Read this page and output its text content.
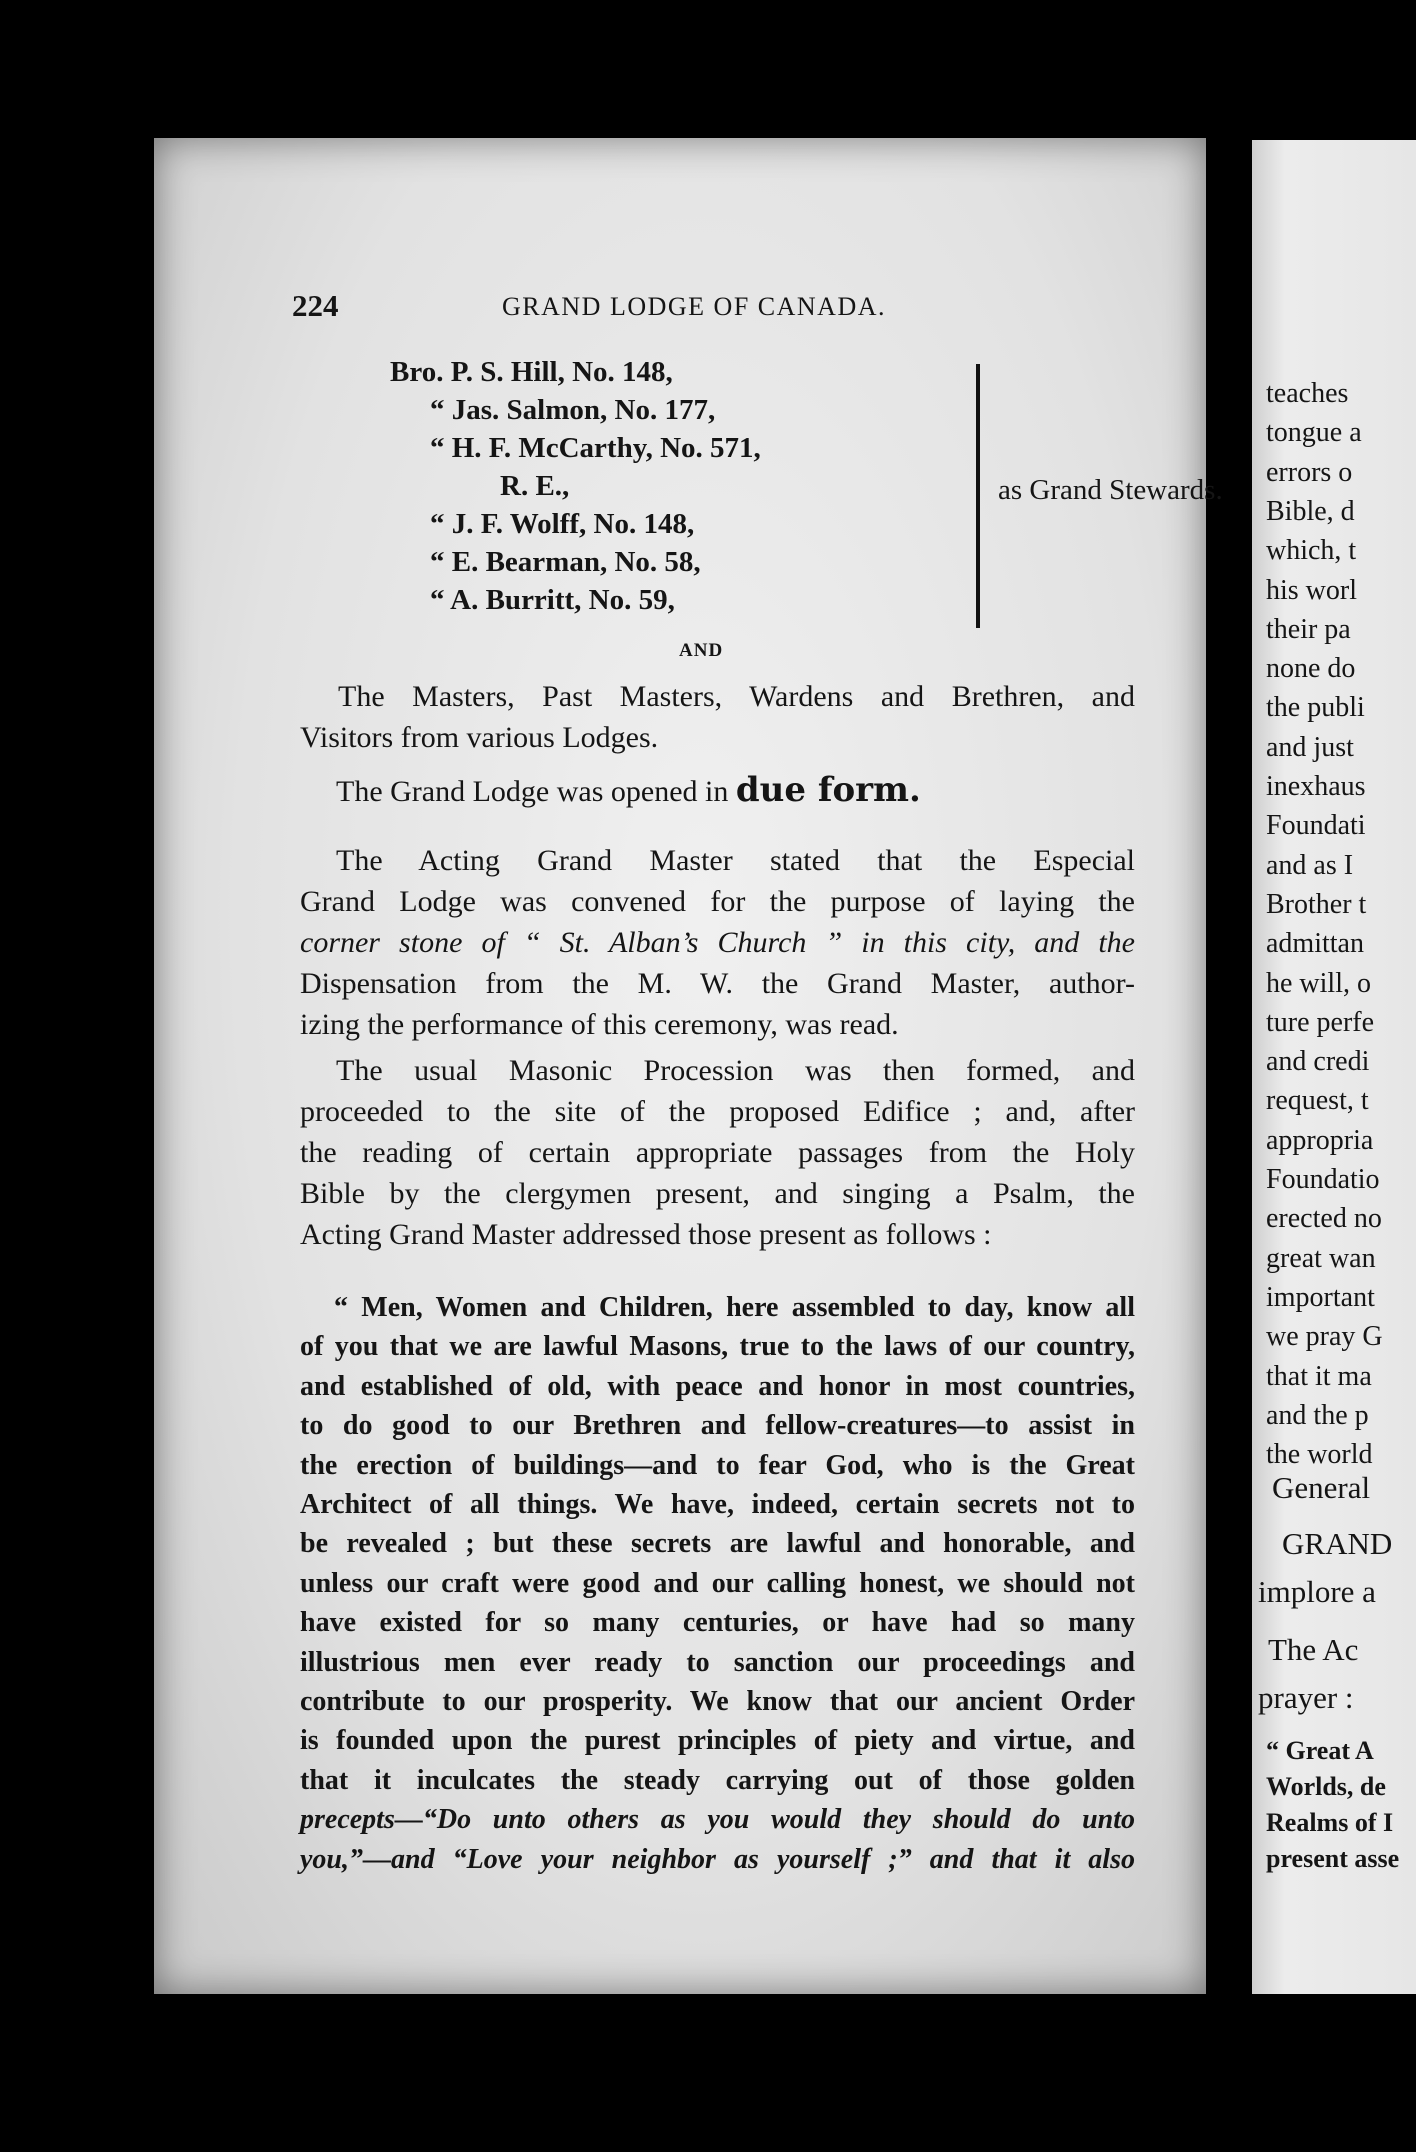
224	GRAND LODGE OF CANADA.
Bro. P. S. Hill, No. 148,
“ Jas. Salmon, No. 177,
“ H. F. McCarthy, No. 571,
R. E.,
“ J. F. Wolff, No. 148,
“ E. Bearman, No. 58,
“ A. Burritt, No. 59,
as Grand Stewards.
AND
The Masters, Past Masters, Wardens and Brethren, and
Visitors from various Lodges.
The Grand Lodge was opened in due form.
The Acting Grand Master stated that the Especial
Grand Lodge was convened for the purpose of laying the
corner stone of “ St. Alban’s Church ” in this city, and the
Dispensation from the M. W. the Grand Master, author-
izing the performance of this ceremony, was read.
The usual Masonic Procession was then formed, and
proceeded to the site of the proposed Edifice ; and, after
the reading of certain appropriate passages from the Holy
Bible by the clergymen present, and singing a Psalm, the
Acting Grand Master addressed those present as follows :
“ Men, Women and Children, here assembled to day, know all
of you that we are lawful Masons, true to the laws of our country,
and established of old, with peace and honor in most countries,
to do good to our Brethren and fellow-creatures—to assist in
the erection of buildings—and to fear God, who is the Great
Architect of all things. We have, indeed, certain secrets not to
be revealed ; but these secrets are lawful and honorable, and
unless our craft were good and our calling honest, we should not
have existed for so many centuries, or have had so many
illustrious men ever ready to sanction our proceedings and
contribute to our prosperity. We know that our ancient Order
is founded upon the purest principles of piety and virtue, and
that it inculcates the steady carrying out of those golden
precepts—“Do unto others as you would they should do unto
you,”—and “Love your neighbor as yourself ;” and that it also
teaches
tongue a
errors o
Bible, d
which, t
his worl
their pa
none do
the publi
and just
inexhaus
Foundati
and as I
Brother t
admittan
he will, o
ture perfe
and credi
request, t
appropria
Foundatio
erected no
great wan
important
we pray G
that it ma
and the p
the world
General
GRAND
implore a
The Ac
prayer :
“ Great A
Worlds, de
Realms of I
present asse
